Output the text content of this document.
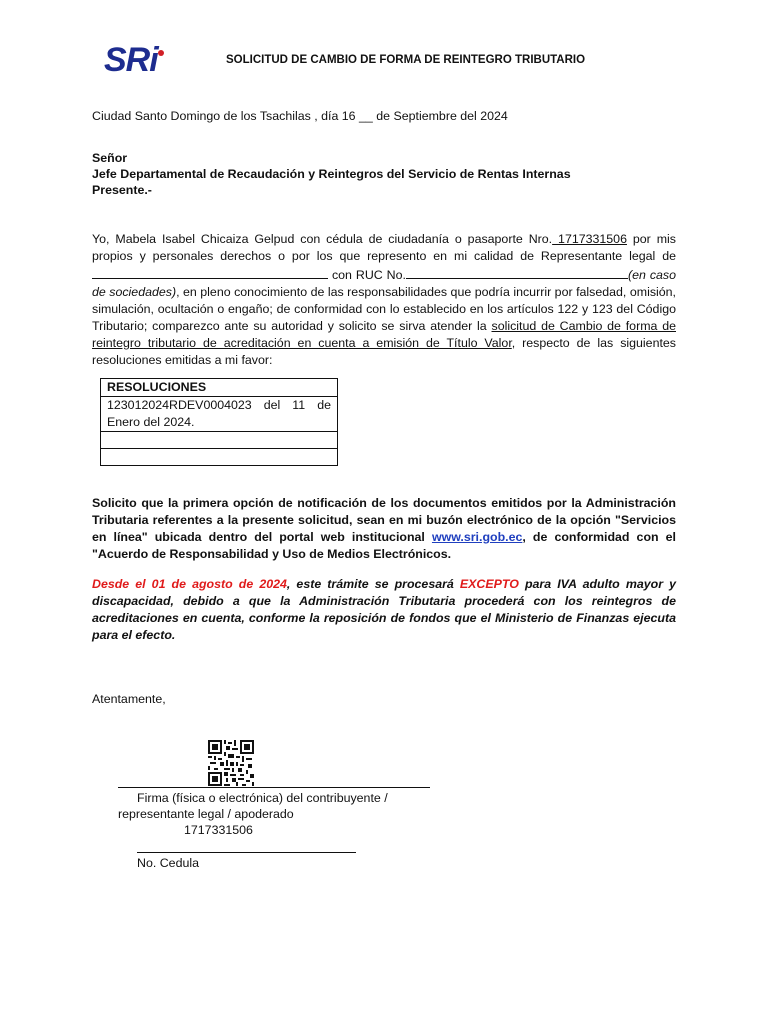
SRi	SOLICITUD DE CAMBIO DE FORMA DE REINTEGRO TRIBUTARIO
Ciudad Santo Domingo de los Tsachilas , día 16 __ de Septiembre del 2024
Señor
Jefe Departamental de Recaudación y Reintegros del Servicio de Rentas Internas
Presente.-

Yo, Mabela Isabel Chicaiza Gelpud con cédula de ciudadanía o pasaporte Nro. 1717331506 por mis propios y personales derechos o por los que represento en mi calidad de Representante legal de  con RUC No.	(en caso de sociedades), en pleno conocimiento de las responsabilidades que podría incurrir por falsedad, omisión, simulación, ocultación o engaño; de conformidad con lo establecido en los artículos 122 y 123 del Código Tributario; comparezco ante su autoridad y solicito se sirva atender la solicitud de Cambio de forma de reintegro tributario de acreditación en cuenta a emisión de Título Valor, respecto de las siguientes resoluciones emitidas a mi favor:

RESOLUCIONES
123012024RDEV0004023 del 11 de Enero del 2024.

Solicito que la primera opción de notificación de los documentos emitidos por la Administración Tributaria referentes a la presente solicitud, sean en mi buzón electrónico de la opción "Servicios en línea" ubicada dentro del portal web institucional www.sri.gob.ec, de conformidad con el "Acuerdo de Responsabilidad y Uso de Medios Electrónicos.
Desde el 01 de agosto de 2024, este trámite se procesará EXCEPTO para IVA adulto mayor y discapacidad, debido a que la Administración Tributaria procederá con los reintegros de acreditaciones en cuenta, conforme la reposición de fondos que el Ministerio de Finanzas ejecuta para el efecto.
Atentamente,
Firma (física o electrónica) del contribuyente /
representante legal / apoderado
1717331506
No. Cedula
